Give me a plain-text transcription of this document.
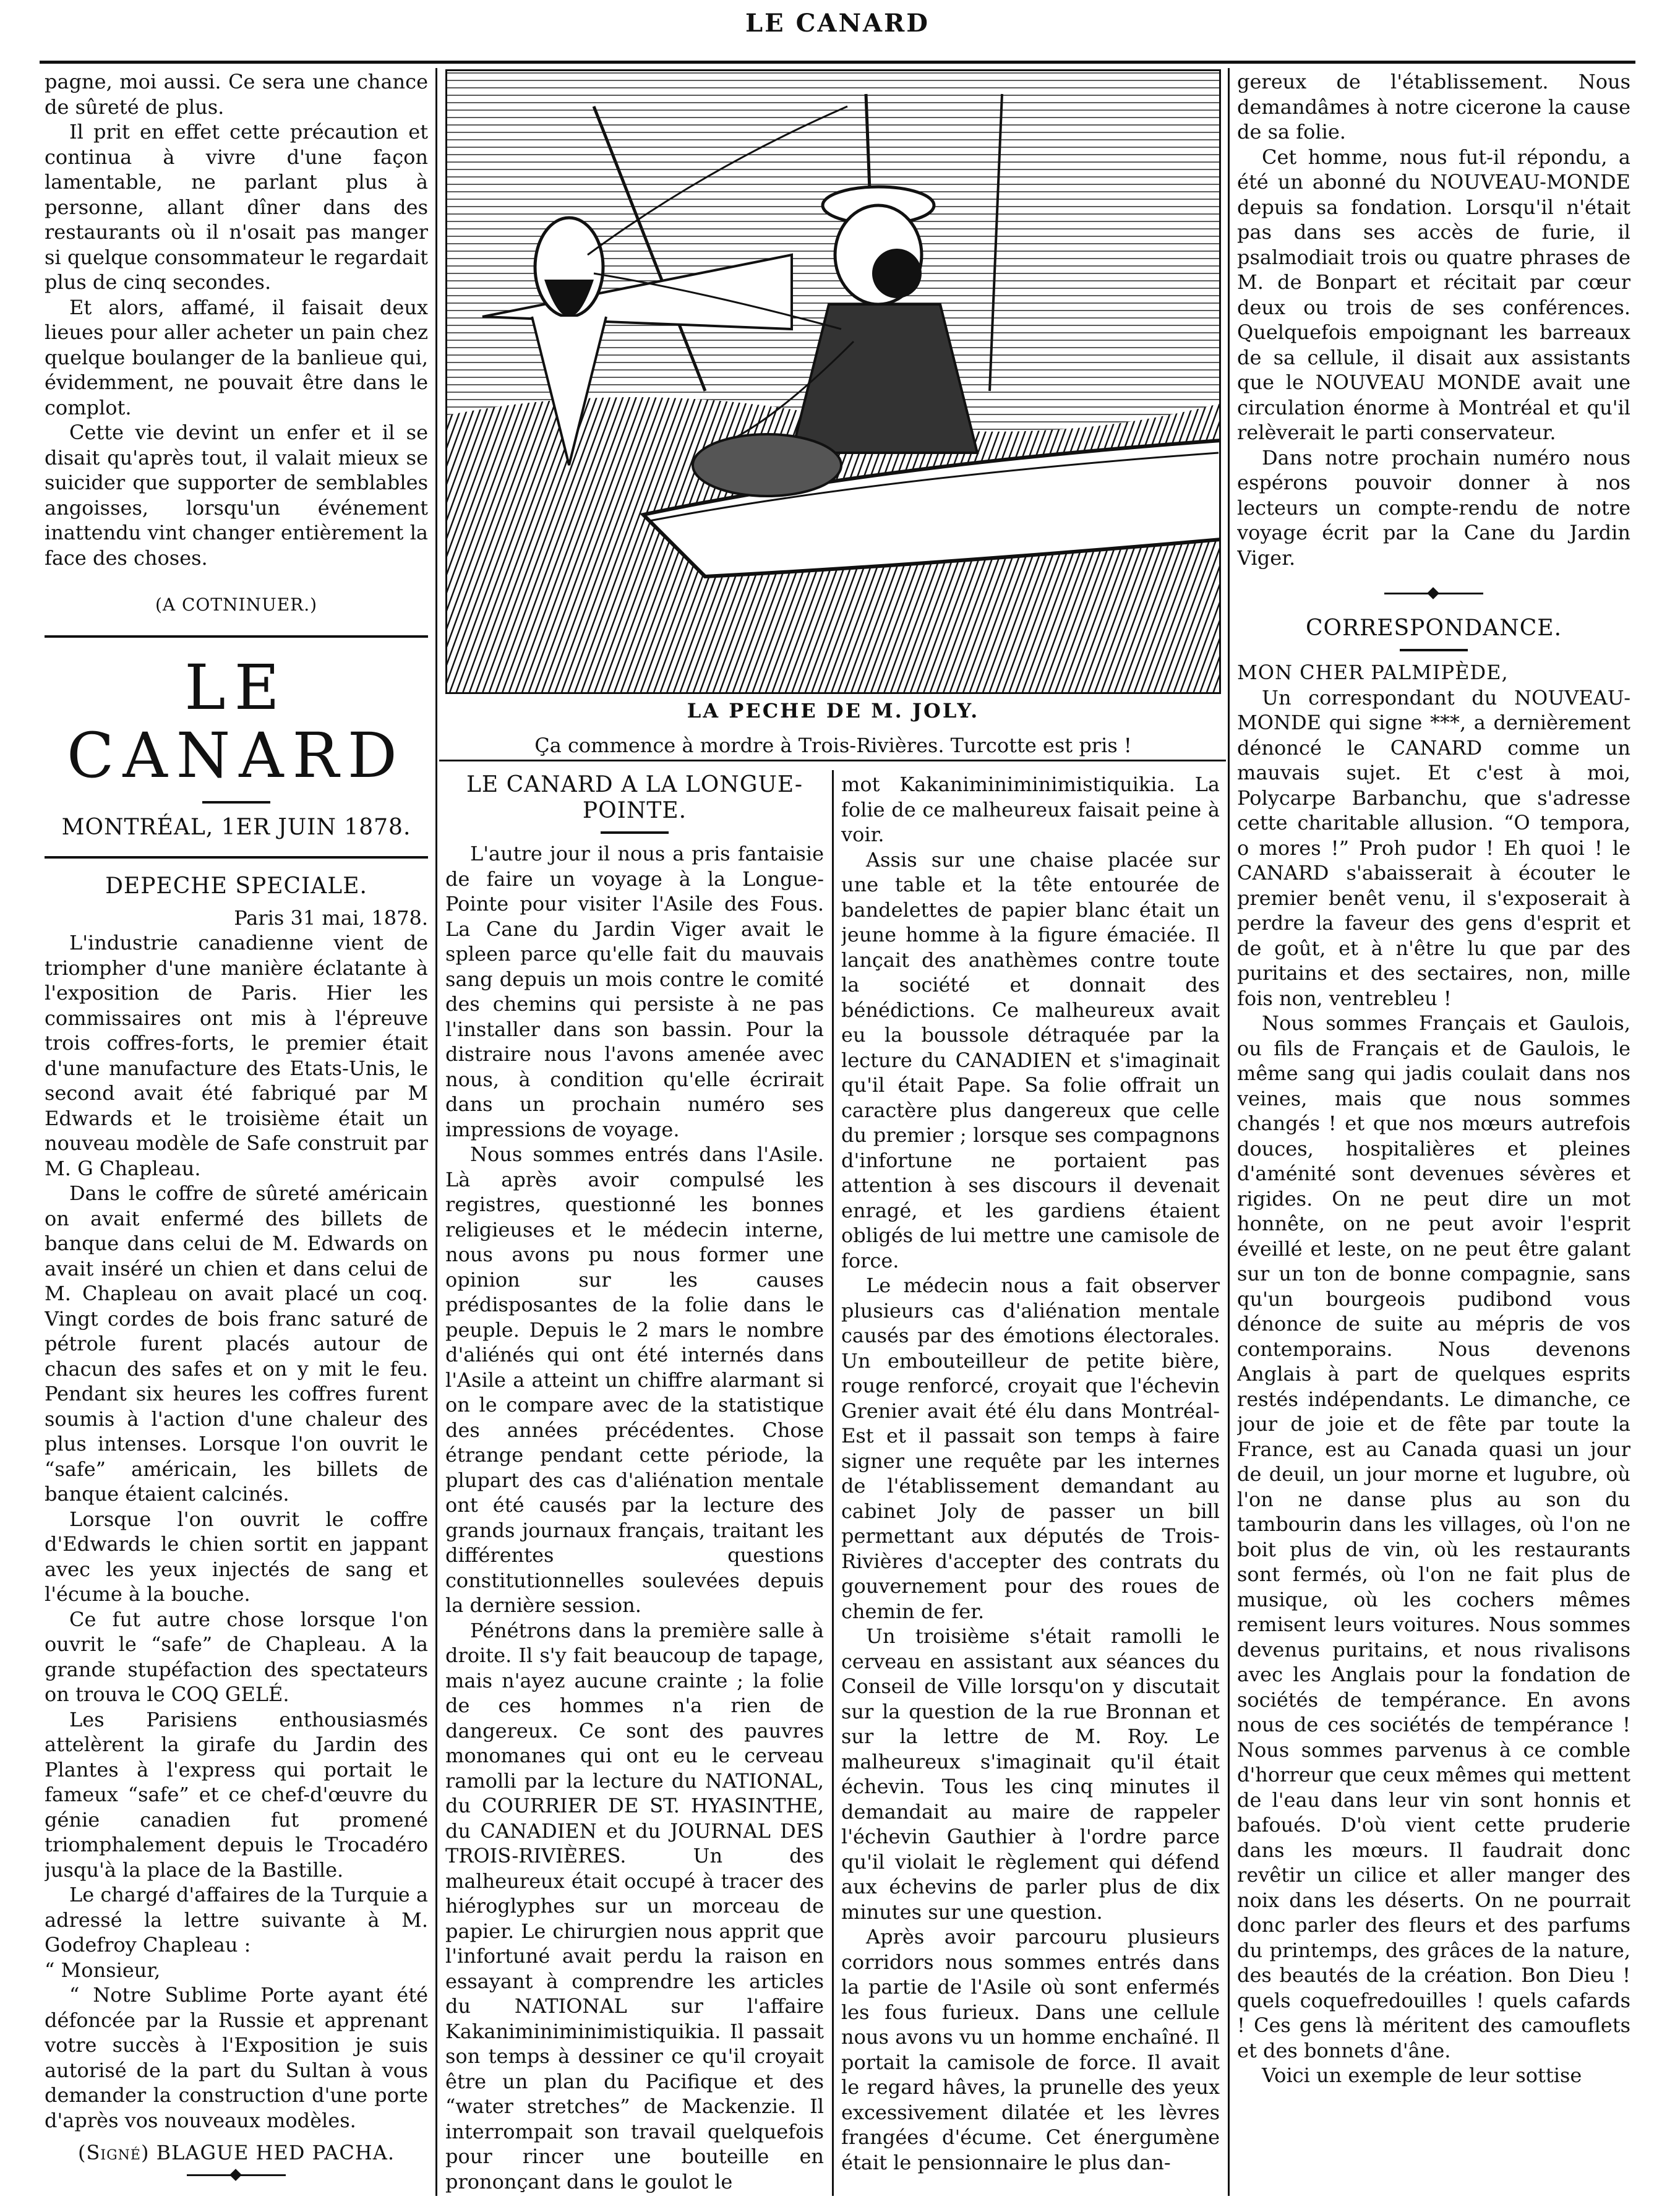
LE CANARD

pagne, moi aussi. Ce sera une chance de sûreté de plus.

Il prit en effet cette précaution et continua à vivre d'une façon lamentable, ne parlant plus à personne, allant dîner dans des restaurants où il n'osait pas manger si quelque consommateur le regardait plus de cinq secondes.

Et alors, affamé, il faisait deux lieues pour aller acheter un pain chez quelque boulanger de la banlieue qui, évidemment, ne pouvait être dans le complot.

Cette vie devint un enfer et il se disait qu'après tout, il valait mieux se suicider que supporter de semblables angoisses, lorsqu'un événement inattendu vint changer entièrement la face des choses.

(A COTNINUER.)

LE CANARD
MONTRÉAL, 1ER JUIN 1878.
DEPECHE SPECIALE.

Paris 31 mai, 1878.

L'industrie canadienne vient de triompher d'une manière éclatante à l'exposition de Paris. Hier les commissaires ont mis à l'épreuve trois coffres-forts, le premier était d'une manufacture des Etats-Unis, le second avait été fabriqué par M Edwards et le troisième était un nouveau modèle de Safe construit par M. G Chapleau.

Dans le coffre de sûreté américain on avait enfermé des billets de banque dans celui de M. Edwards on avait inséré un chien et dans celui de M. Chapleau on avait placé un coq. Vingt cordes de bois franc saturé de pétrole furent placés autour de chacun des safes et on y mit le feu. Pendant six heures les coffres furent soumis à l'action d'une chaleur des plus intenses. Lorsque l'on ouvrit le “safe” américain, les billets de banque étaient calcinés.

Lorsque l'on ouvrit le coffre d'Edwards le chien sortit en jappant avec les yeux injectés de sang et l'écume à la bouche.

Ce fut autre chose lorsque l'on ouvrit le “safe” de Chapleau. A la grande stupéfaction des spectateurs on trouva le COQ GELÉ.

Les Parisiens enthousiasmés attelèrent la girafe du Jardin des Plantes à l'express qui portait le fameux “safe” et ce chef-d'œuvre du génie canadien fut promené triomphalement depuis le Trocadéro jusqu'à la place de la Bastille.

Le chargé d'affaires de la Turquie a adressé la lettre suivante à M. Godefroy Chapleau :

“ Monsieur,

“ Notre Sublime Porte ayant été défoncée par la Russie et apprenant votre succès à l'Exposition je suis autorisé de la part du Sultan à vous demander la construction d'une porte d'après vos nouveaux modèles.

(Signé) BLAGUE HED PACHA.

LA PECHE DE M. JOLY.
Ça commence à mordre à Trois-Rivières. Turcotte est pris !
LE CANARD A LA LONGUE-POINTE.

L'autre jour il nous a pris fantaisie de faire un voyage à la Longue-Pointe pour visiter l'Asile des Fous. La Cane du Jardin Viger avait le spleen parce qu'elle fait du mauvais sang depuis un mois contre le comité des chemins qui persiste à ne pas l'installer dans son bassin. Pour la distraire nous l'avons amenée avec nous, à condition qu'elle écrirait dans un prochain numéro ses impressions de voyage.

Nous sommes entrés dans l'Asile. Là après avoir compulsé les registres, questionné les bonnes religieuses et le médecin interne, nous avons pu nous former une opinion sur les causes prédisposantes de la folie dans le peuple. Depuis le 2 mars le nombre d'aliénés qui ont été internés dans l'Asile a atteint un chiffre alarmant si on le compare avec de la statistique des années précédentes. Chose étrange pendant cette période, la plupart des cas d'aliénation mentale ont été causés par la lecture des grands journaux français, traitant les différentes questions constitutionnelles soulevées depuis la dernière session.

Pénétrons dans la première salle à droite. Il s'y fait beaucoup de tapage, mais n'ayez aucune crainte ; la folie de ces hommes n'a rien de dangereux. Ce sont des pauvres monomanes qui ont eu le cerveau ramolli par la lecture du NATIONAL, du COURRIER DE ST. HYASINTHE, du CANADIEN et du JOURNAL DES TROIS-RIVIÈRES. Un des malheureux était occupé à tracer des hiéroglyphes sur un morceau de papier. Le chirurgien nous apprit que l'infortuné avait perdu la raison en essayant à comprendre les articles du NATIONAL sur l'affaire Kakaniminiminimistiquikia. Il passait son temps à dessiner ce qu'il croyait être un plan du Pacifique et des “water stretches” de Mackenzie. Il interrompait son travail quelquefois pour rincer une bouteille en prononçant dans le goulot le

mot Kakaniminiminimistiquikia. La folie de ce malheureux faisait peine à voir.

Assis sur une chaise placée sur une table et la tête entourée de bandelettes de papier blanc était un jeune homme à la figure émaciée. Il lançait des anathèmes contre toute la société et donnait des bénédictions. Ce malheureux avait eu la boussole détraquée par la lecture du CANADIEN et s'imaginait qu'il était Pape. Sa folie offrait un caractère plus dangereux que celle du premier ; lorsque ses compagnons d'infortune ne portaient pas attention à ses discours il devenait enragé, et les gardiens étaient obligés de lui mettre une camisole de force.

Le médecin nous a fait observer plusieurs cas d'aliénation mentale causés par des émotions électorales. Un embouteilleur de petite bière, rouge renforcé, croyait que l'échevin Grenier avait été élu dans Montréal-Est et il passait son temps à faire signer une requête par les internes de l'établissement demandant au cabinet Joly de passer un bill permettant aux députés de Trois-Rivières d'accepter des contrats du gouvernement pour des roues de chemin de fer.

Un troisième s'était ramolli le cerveau en assistant aux séances du Conseil de Ville lorsqu'on y discutait sur la question de la rue Bronnan et sur la lettre de M. Roy. Le malheureux s'imaginait qu'il était échevin. Tous les cinq minutes il demandait au maire de rappeler l'échevin Gauthier à l'ordre parce qu'il violait le règlement qui défend aux échevins de parler plus de dix minutes sur une question.

Après avoir parcouru plusieurs corridors nous sommes entrés dans la partie de l'Asile où sont enfermés les fous furieux. Dans une cellule nous avons vu un homme enchaîné. Il portait la camisole de force. Il avait le regard hâves, la prunelle des yeux excessivement dilatée et les lèvres frangées d'écume. Cet énergumène était le pensionnaire le plus dan-

gereux de l'établissement. Nous demandâmes à notre cicerone la cause de sa folie.

Cet homme, nous fut-il répondu, a été un abonné du NOUVEAU-MONDE depuis sa fondation. Lorsqu'il n'était pas dans ses accès de furie, il psalmodiait trois ou quatre phrases de M. de Bonpart et récitait par cœur deux ou trois de ses conférences. Quelquefois empoignant les barreaux de sa cellule, il disait aux assistants que le NOUVEAU MONDE avait une circulation énorme à Montréal et qu'il relèverait le parti conservateur.

Dans notre prochain numéro nous espérons pouvoir donner à nos lecteurs un compte-rendu de notre voyage écrit par la Cane du Jardin Viger.

CORRESPONDANCE.

MON CHER PALMIPÈDE,

Un correspondant du NOUVEAU-MONDE qui signe ***, a dernièrement dénoncé le CANARD comme un mauvais sujet. Et c'est à moi, Polycarpe Barbanchu, que s'adresse cette charitable allusion. “O tempora, o mores !” Proh pudor ! Eh quoi ! le CANARD s'abaisserait à écouter le premier benêt venu, il s'exposerait à perdre la faveur des gens d'esprit et de goût, et à n'être lu que par des puritains et des sectaires, non, mille fois non, ventrebleu !

Nous sommes Français et Gaulois, ou fils de Français et de Gaulois, le même sang qui jadis coulait dans nos veines, mais que nous sommes changés ! et que nos mœurs autrefois douces, hospitalières et pleines d'aménité sont devenues sévères et rigides. On ne peut dire un mot honnête, on ne peut avoir l'esprit éveillé et leste, on ne peut être galant sur un ton de bonne compagnie, sans qu'un bourgeois pudibond vous dénonce de suite au mépris de vos contemporains. Nous devenons Anglais à part de quelques esprits restés indépendants. Le dimanche, ce jour de joie et de fête par toute la France, est au Canada quasi un jour de deuil, un jour morne et lugubre, où l'on ne danse plus au son du tambourin dans les villages, où l'on ne boit plus de vin, où les restaurants sont fermés, où l'on ne fait plus de musique, où les cochers mêmes remisent leurs voitures. Nous sommes devenus puritains, et nous rivalisons avec les Anglais pour la fondation de sociétés de tempérance. En avons nous de ces sociétés de tempérance ! Nous sommes parvenus à ce comble d'horreur que ceux mêmes qui mettent de l'eau dans leur vin sont honnis et bafoués. D'où vient cette pruderie dans les mœurs. Il faudrait donc revêtir un cilice et aller manger des noix dans les déserts. On ne pourrait donc parler des fleurs et des parfums du printemps, des grâces de la nature, des beautés de la création. Bon Dieu ! quels coquefredouilles ! quels cafards ! Ces gens là méritent des camouflets et des bonnets d'âne.

Voici un exemple de leur sottise
